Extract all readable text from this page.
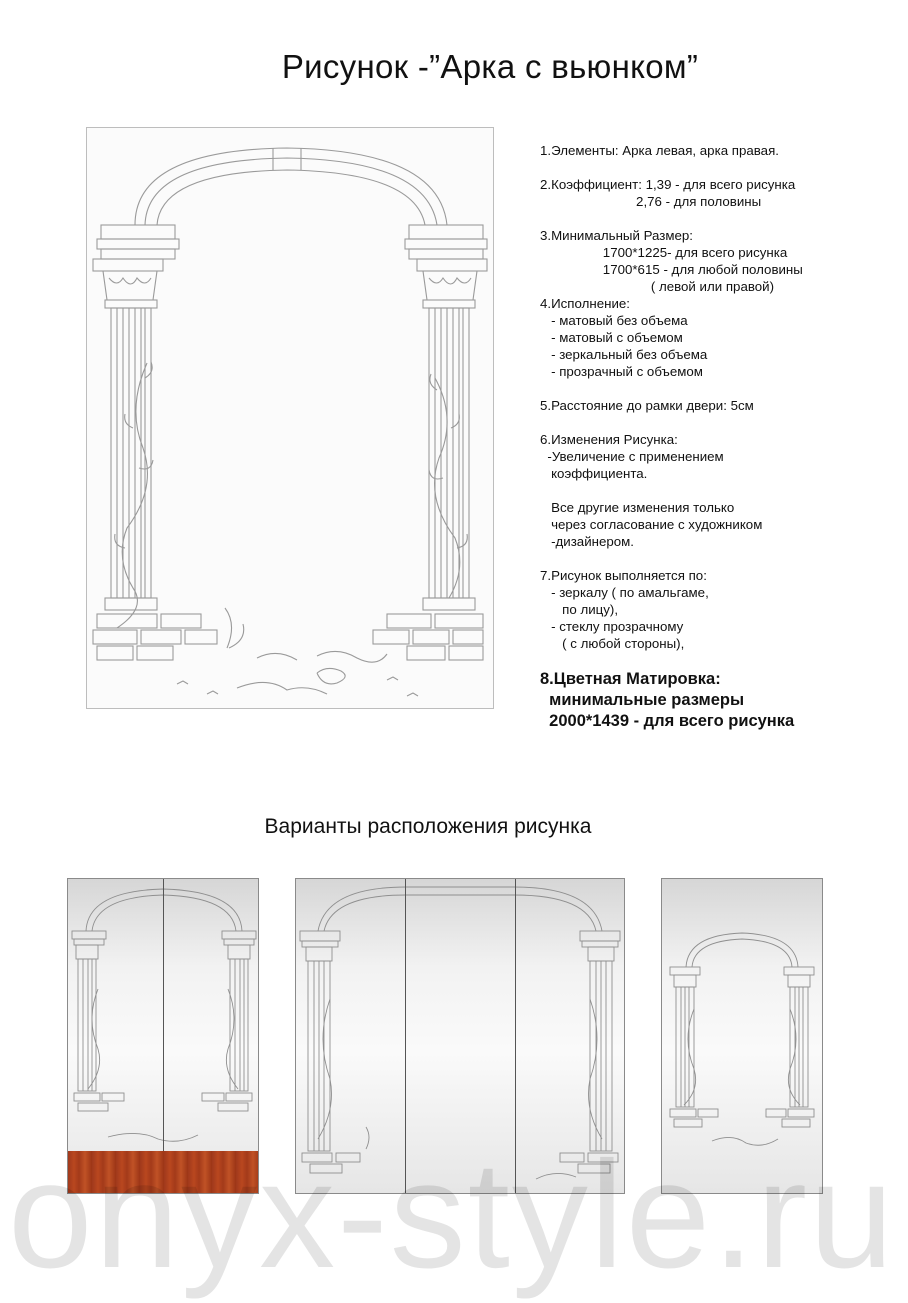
Рисунок -”Арка с вьюнком”
1.Элементы: Арка левая, арка правая.
2.Коэффициент: 1,39 - для всего рисунка
2,76 - для половины
3.Минимальный Размер:
1700*1225- для всего рисунка
1700*615 - для любой половины
( левой или правой)
4.Исполнение:
- матовый без объема
- матовый с объемом
- зеркальный без объема
- прозрачный с объемом
5.Расстояние до рамки двери: 5см
6.Изменения Рисунка:
-Увеличение с применением
коэффициента.
Все другие изменения только
через согласование с художником
-дизайнером.
7.Рисунок выполняется по:
- зеркалу ( по амальгаме,
по лицу),
- стеклу прозрачному
( с любой стороны),
8.Цветная Матировка:
минимальные размеры
2000*1439 - для всего рисунка
Варианты расположения рисунка
onyx-style.ru
